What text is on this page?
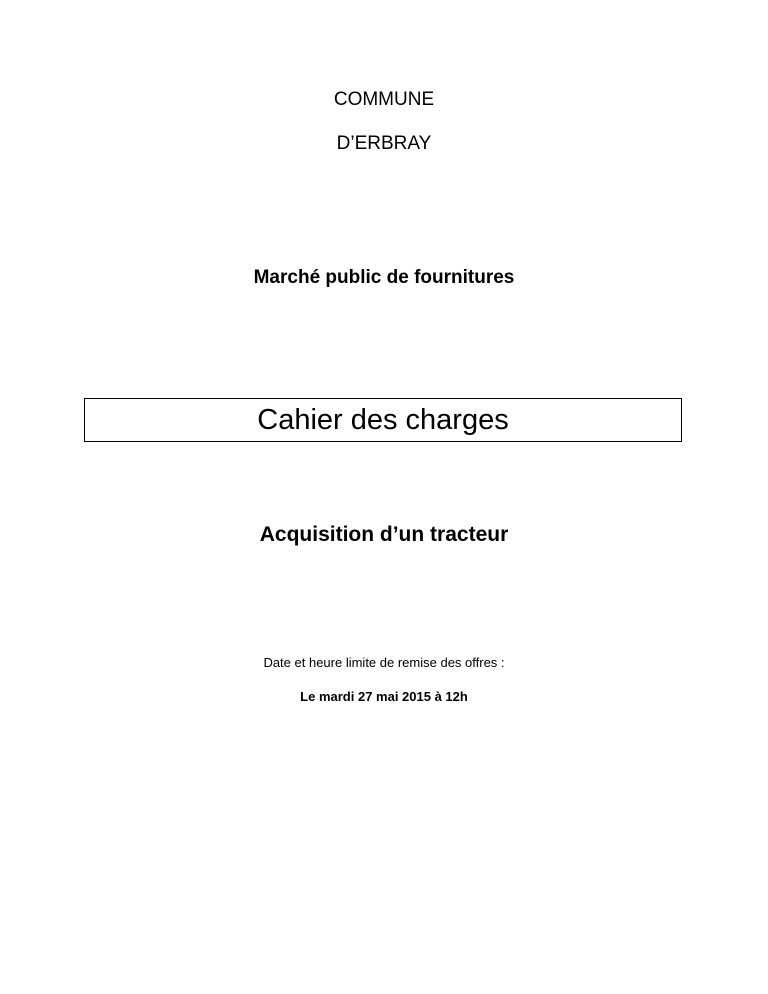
COMMUNE
D’ERBRAY
Marché public de fournitures
Cahier des charges
Acquisition d’un tracteur
Date et heure limite de remise des offres :
Le mardi 27 mai 2015 à 12h
